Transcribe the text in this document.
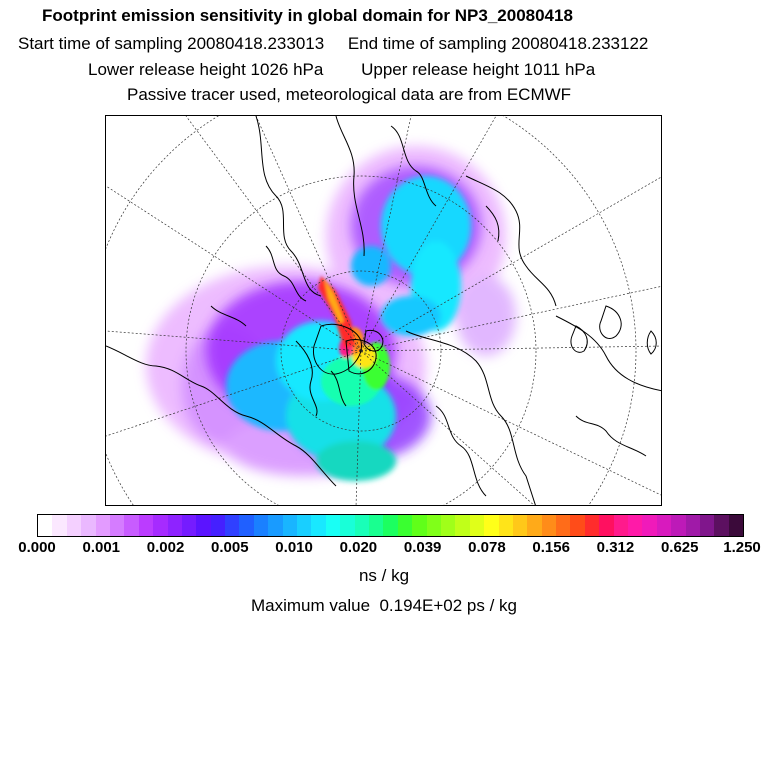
Footprint emission sensitivity in global domain for NP3_20080418
Start time of sampling 20080418.233013     End time of sampling 20080418.233122
Lower release height 1026 hPa        Upper release height 1011 hPa
Passive tracer used, meteorological data are from ECMWF
0.000 0.001 0.002 0.005 0.010 0.020 0.039 0.078 0.156 0.312 0.625 1.250
ns / kg
Maximum value  0.194E+02 ps / kg
